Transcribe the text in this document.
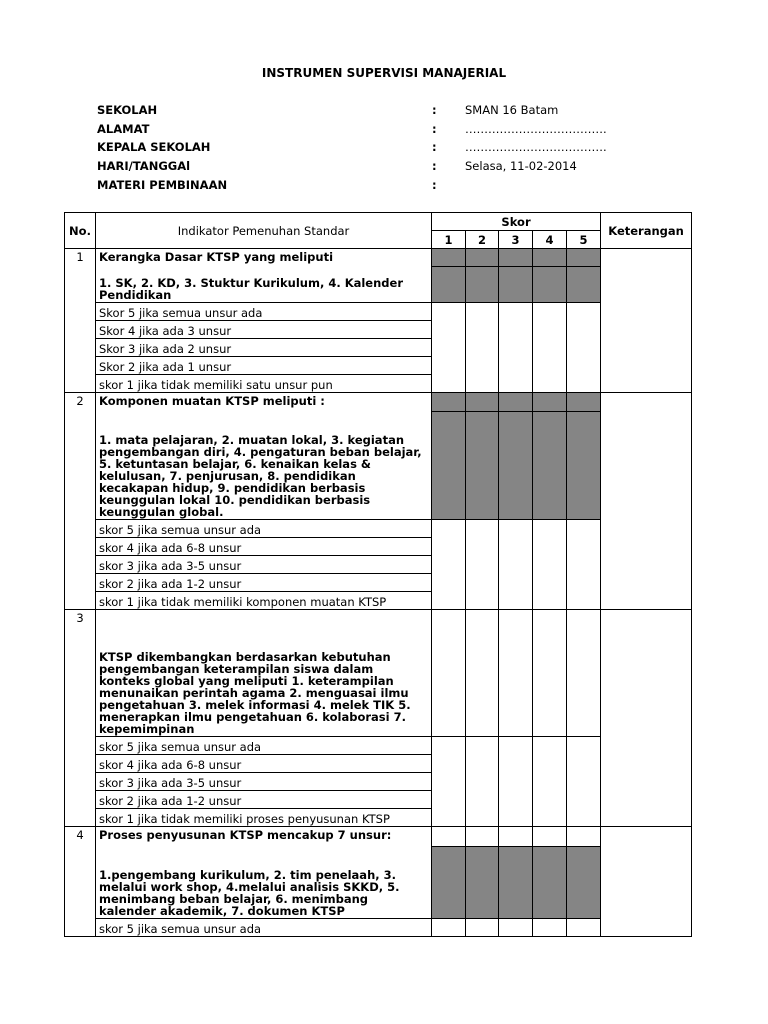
INSTRUMEN SUPERVISI MANAJERIAL
SEKOLAH	: SMAN 16 Batam
ALAMAT	: ……………………………….
KEPALA SEKOLAH	: ……………………………….
HARI/TANGGAl	: Selasa, 11-02-2014
MATERI PEMBINAAN	:
No.	Indikator Pemenuhan Standar	Skor					Keterangan
		1	2	3	4	5	
1	Kerangka Dasar KTSP yang meliputi						
	1. SK, 2. KD, 3. Stuktur Kurikulum, 4. Kalender Pendidikan						
	Skor 5 jika semua unsur ada						
	Skor 4 jika ada 3 unsur						
	Skor 3 jika ada 2 unsur						
	Skor 2 jika ada 1 unsur						
	skor 1 jika tidak memiliki satu unsur pun						
2	Komponen muatan KTSP meliputi :						
	1. mata pelajaran, 2. muatan lokal, 3. kegiatan pengembangan diri, 4. pengaturan beban belajar, 5. ketuntasan belajar, 6. kenaikan kelas & kelulusan, 7. penjurusan, 8. pendidikan kecakapan hidup, 9. pendidikan berbasis keunggulan lokal 10. pendidikan berbasis keunggulan global.						
	skor 5 jika semua unsur ada						
	skor 4 jika ada 6-8 unsur						
	skor 3 jika ada 3-5 unsur						
	skor 2 jika ada 1-2 unsur						
	skor 1 jika tidak memiliki komponen muatan KTSP						
3	KTSP dikembangkan berdasarkan kebutuhan pengembangan keterampilan siswa dalam konteks global yang meliputi 1. keterampilan menunaikan perintah agama 2. menguasai ilmu pengetahuan 3. melek informasi 4. melek TIK 5. menerapkan ilmu pengetahuan 6. kolaborasi 7. kepemimpinan						
	skor 5 jika semua unsur ada						
	skor 4 jika ada 6-8 unsur						
	skor 3 jika ada 3-5 unsur						
	skor 2 jika ada 1-2 unsur						
	skor 1 jika tidak memiliki proses penyusunan KTSP						
4	Proses penyusunan KTSP mencakup 7 unsur:						
	1.pengembang kurikulum, 2. tim penelaah, 3. melalui work shop, 4.melalui analisis SKKD, 5. menimbang beban belajar, 6. menimbang kalender akademik, 7. dokumen KTSP						
	skor 5 jika semua unsur ada						
